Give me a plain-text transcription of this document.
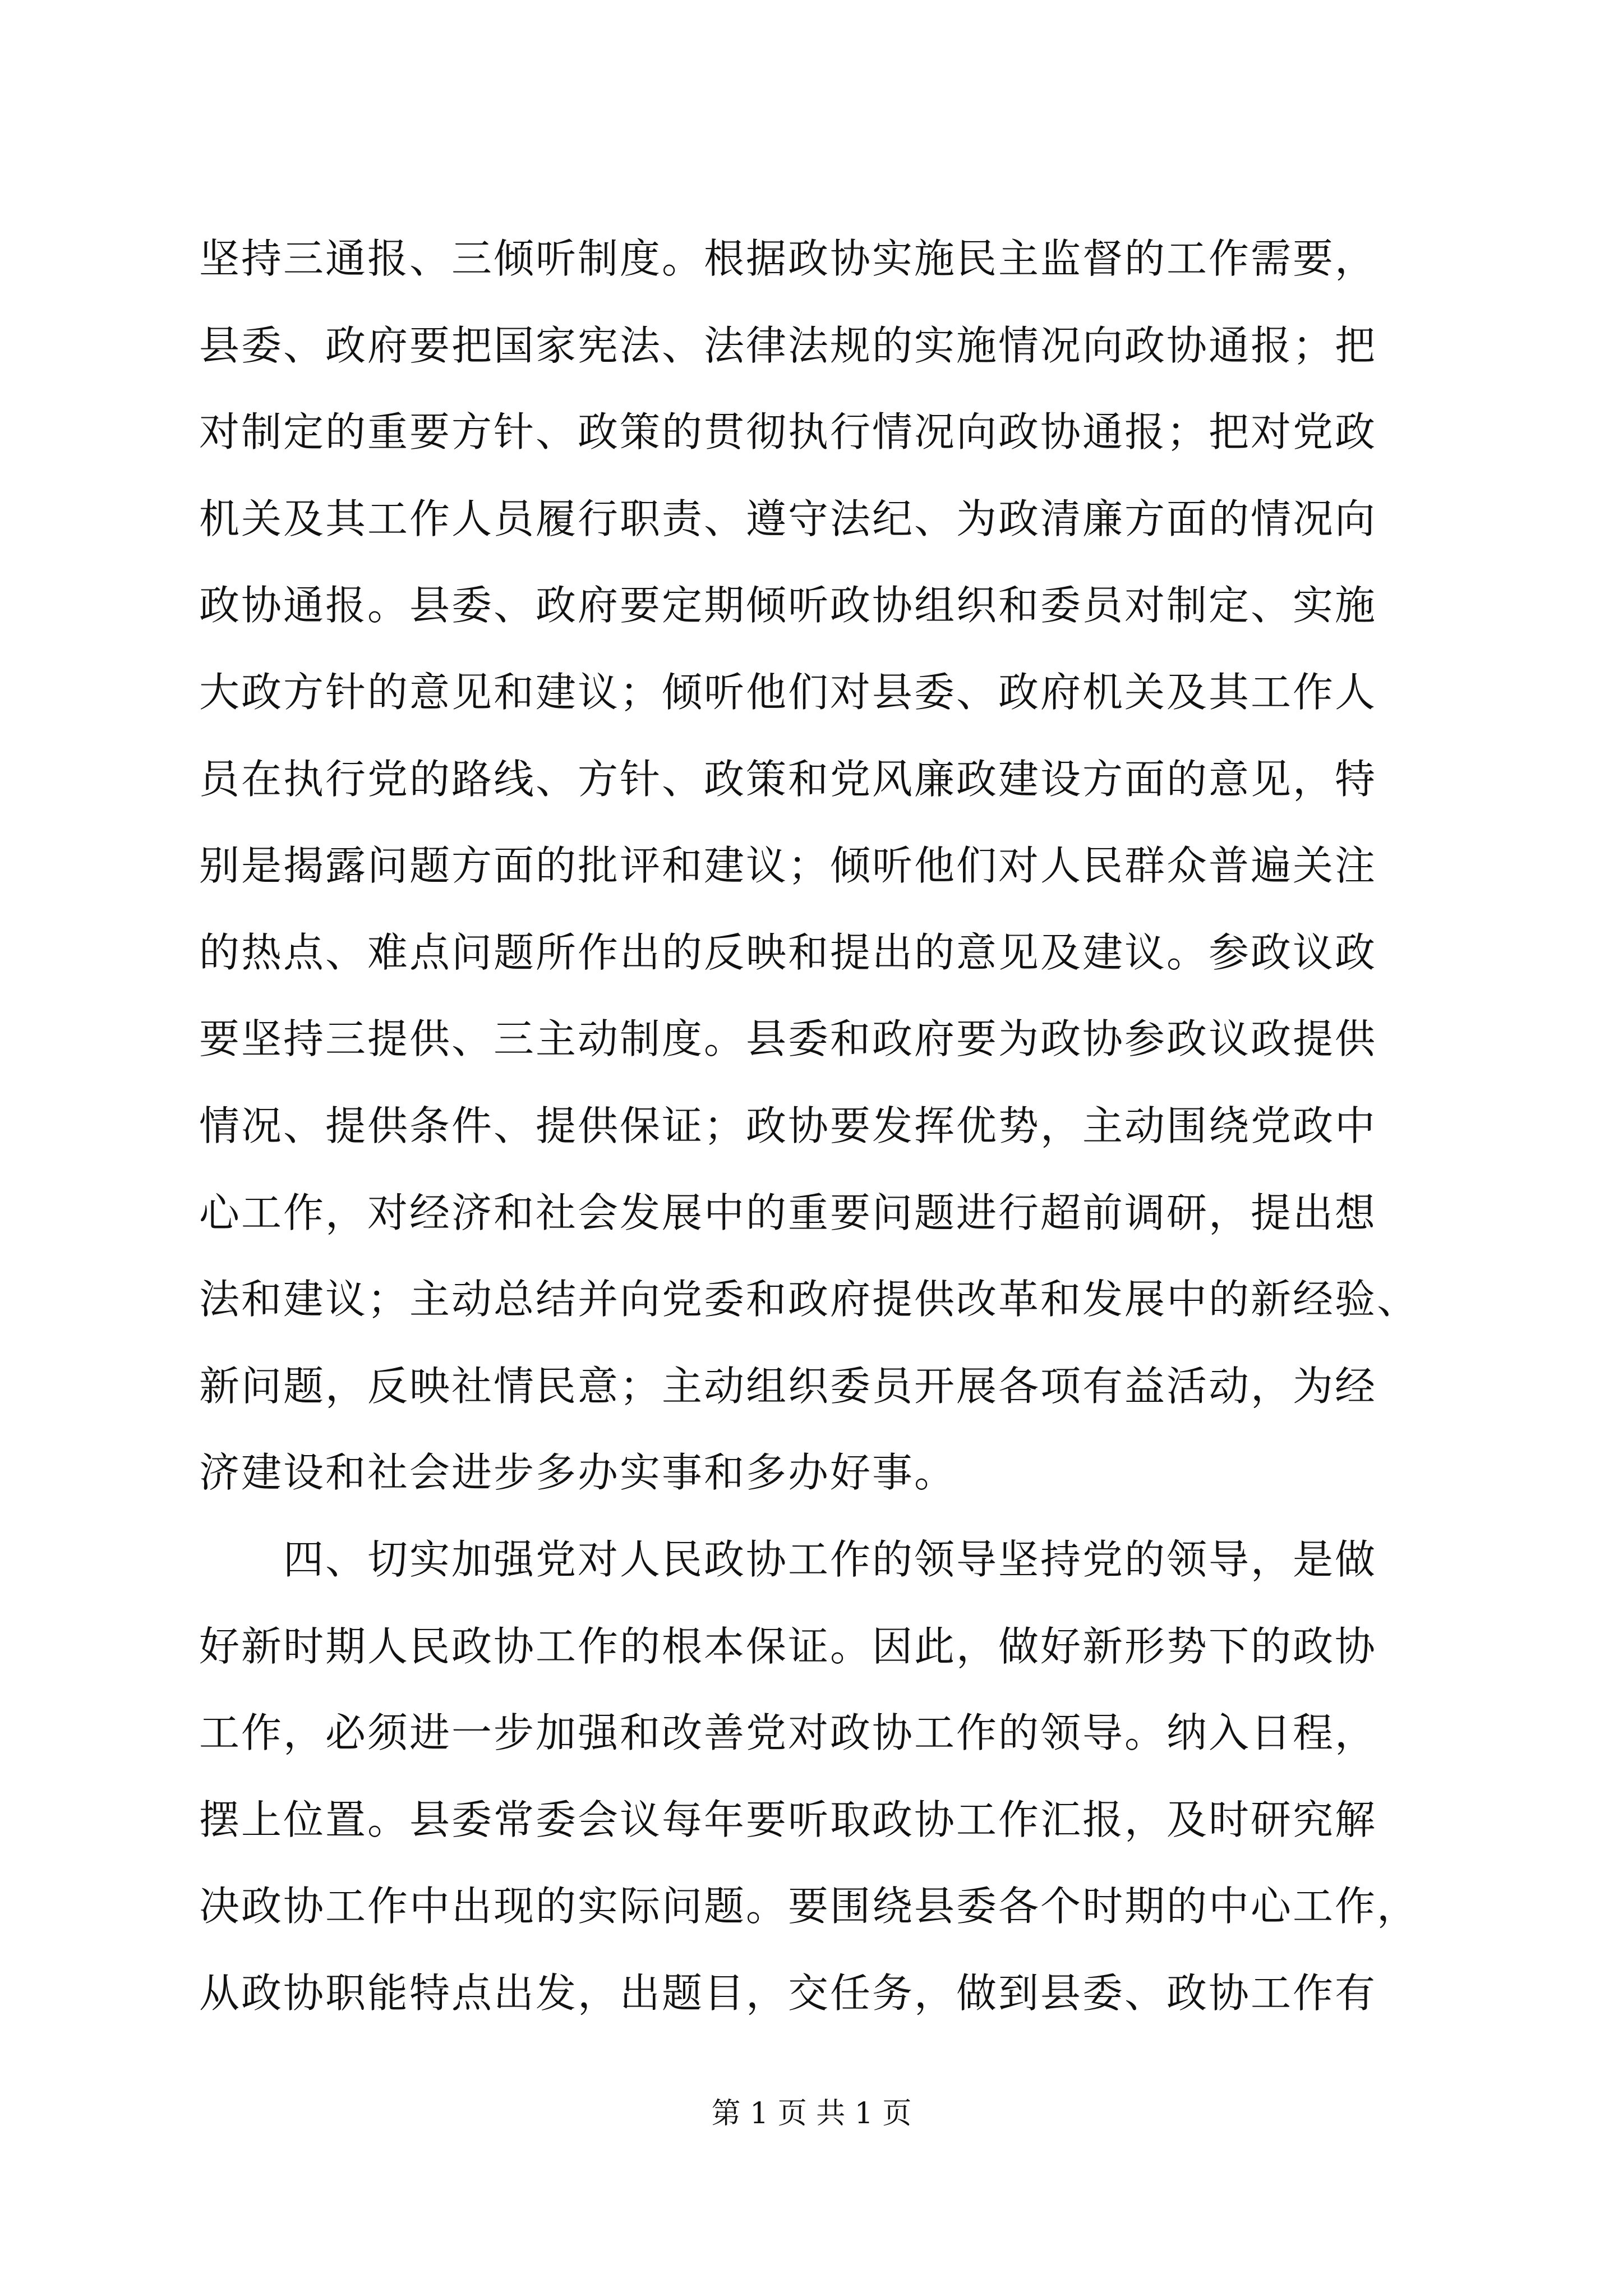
坚持三通报、三倾听制度。根据政协实施民主监督的工作需要，
县委、政府要把国家宪法、法律法规的实施情况向政协通报；把
对制定的重要方针、政策的贯彻执行情况向政协通报；把对党政
机关及其工作人员履行职责、遵守法纪、为政清廉方面的情况向
政协通报。县委、政府要定期倾听政协组织和委员对制定、实施
大政方针的意见和建议；倾听他们对县委、政府机关及其工作人
员在执行党的路线、方针、政策和党风廉政建设方面的意见，特
别是揭露问题方面的批评和建议；倾听他们对人民群众普遍关注
的热点、难点问题所作出的反映和提出的意见及建议。参政议政
要坚持三提供、三主动制度。县委和政府要为政协参政议政提供
情况、提供条件、提供保证；政协要发挥优势，主动围绕党政中
心工作，对经济和社会发展中的重要问题进行超前调研，提出想
法和建议；主动总结并向党委和政府提供改革和发展中的新经验、
新问题，反映社情民意；主动组织委员开展各项有益活动，为经
济建设和社会进步多办实事和多办好事。
　　四、切实加强党对人民政协工作的领导坚持党的领导，是做
好新时期人民政协工作的根本保证。因此，做好新形势下的政协
工作，必须进一步加强和改善党对政协工作的领导。纳入日程，
摆上位置。县委常委会议每年要听取政协工作汇报，及时研究解
决政协工作中出现的实际问题。要围绕县委各个时期的中心工作，
从政协职能特点出发，出题目，交任务，做到县委、政协工作有
第 1 页 共 1 页
